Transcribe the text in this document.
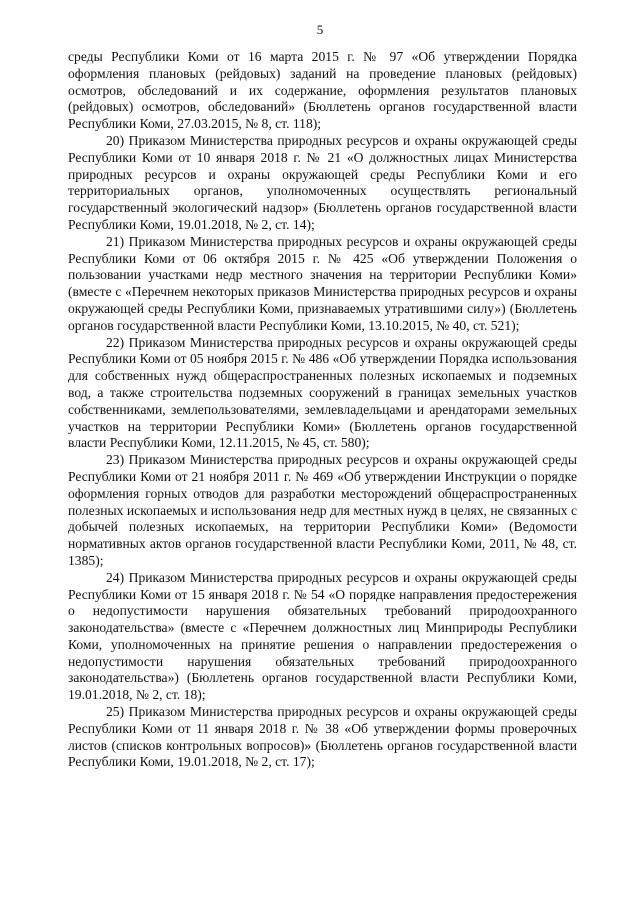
5

среды Республики Коми от 16 марта 2015 г. № 97 «Об утверждении Порядка оформления плановых (рейдовых) заданий на проведение плановых (рейдовых) осмотров, обследований и их содержание, оформления результатов плановых (рейдовых) осмотров, обследований» (Бюллетень органов государственной власти Республики Коми, 27.03.2015, № 8, ст. 118);

20) Приказом Министерства природных ресурсов и охраны окружающей среды Республики Коми от 10 января 2018 г. № 21 «О должностных лицах Министерства природных ресурсов и охраны окружающей среды Республики Коми и его территориальных органов, уполномоченных осуществлять региональный государственный экологический надзор» (Бюллетень органов государственной власти Республики Коми, 19.01.2018, № 2, ст. 14);

21) Приказом Министерства природных ресурсов и охраны окружающей среды Республики Коми от 06 октября 2015 г. № 425 «Об утверждении Положения о пользовании участками недр местного значения на территории Республики Коми» (вместе с «Перечнем некоторых приказов Министерства природных ресурсов и охраны окружающей среды Республики Коми, признаваемых утратившими силу») (Бюллетень органов государственной власти Республики Коми, 13.10.2015, № 40, ст. 521);

22) Приказом Министерства природных ресурсов и охраны окружающей среды Республики Коми от 05 ноября 2015 г. № 486 «Об утверждении Порядка использования для собственных нужд общераспространенных полезных ископаемых и подземных вод, а также строительства подземных сооружений в границах земельных участков собственниками, землепользователями, землевладельцами и арендаторами земельных участков на территории Республики Коми» (Бюллетень органов государственной власти Республики Коми, 12.11.2015, № 45, ст. 580);

23) Приказом Министерства природных ресурсов и охраны окружающей среды Республики Коми от 21 ноября 2011 г. № 469 «Об утверждении Инструкции о порядке оформления горных отводов для разработки месторождений общераспространенных полезных ископаемых и использования недр для местных нужд в целях, не связанных с добычей полезных ископаемых, на территории Республики Коми» (Ведомости нормативных актов органов государственной власти Республики Коми, 2011, № 48, ст. 1385);

24) Приказом Министерства природных ресурсов и охраны окружающей среды Республики Коми от 15 января 2018 г. № 54 «О порядке направления предостережения о недопустимости нарушения обязательных требований природоохранного законодательства» (вместе с «Перечнем должностных лиц Минприроды Республики Коми, уполномоченных на принятие решения о направлении предостережения о недопустимости нарушения обязательных требований природоохранного законодательства») (Бюллетень органов государственной власти Республики Коми, 19.01.2018, № 2, ст. 18);

25) Приказом Министерства природных ресурсов и охраны окружающей среды Республики Коми от 11 января 2018 г. № 38 «Об утверждении формы проверочных листов (списков контрольных вопросов)» (Бюллетень органов государственной власти Республики Коми, 19.01.2018, № 2, ст. 17);
